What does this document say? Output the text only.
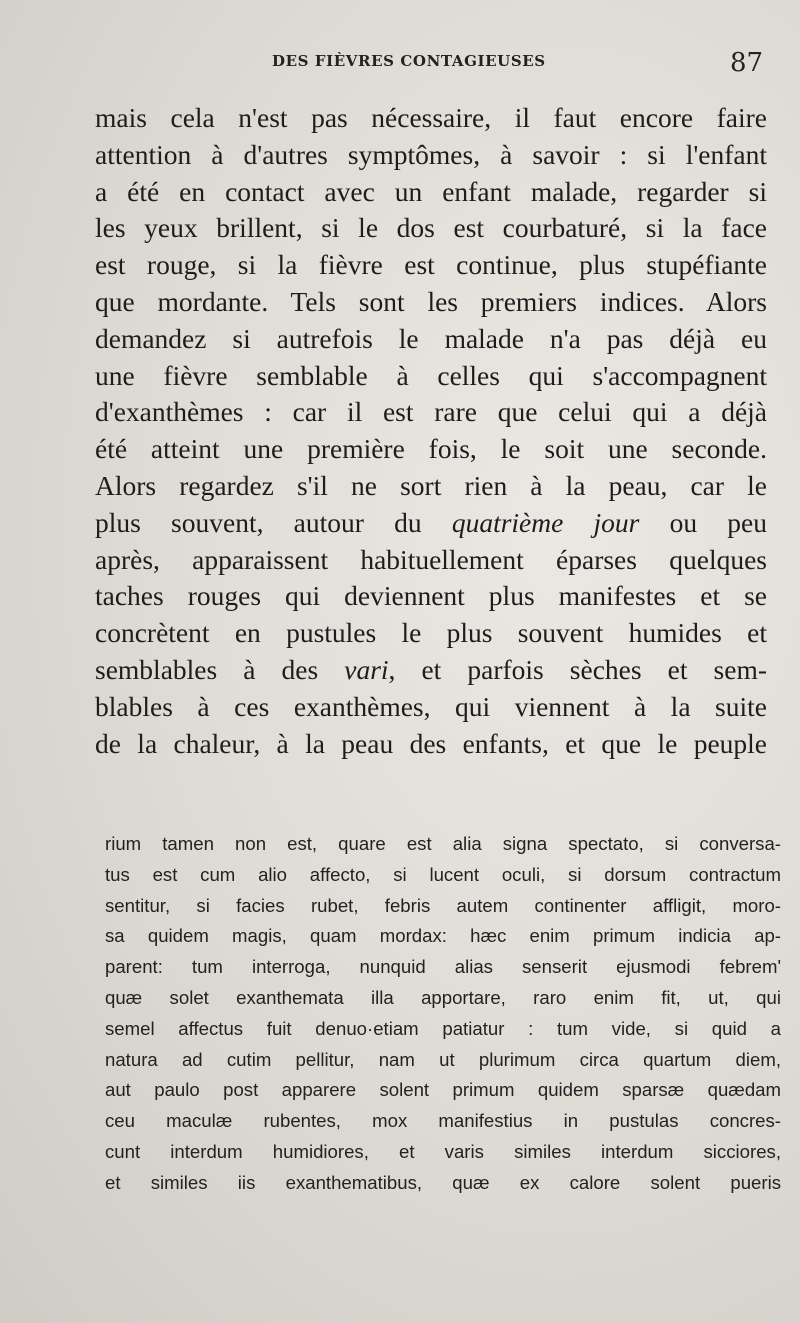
DES FIÈVRES CONTAGIEUSES	87
mais cela n'est pas nécessaire, il faut encore faire
attention à d'autres symptômes, à savoir : si l'enfant
a été en contact avec un enfant malade, regarder si
les yeux brillent, si le dos est courbaturé, si la face
est rouge, si la fièvre est continue, plus stupéfiante
que mordante. Tels sont les premiers indices. Alors
demandez si autrefois le malade n'a pas déjà eu
une fièvre semblable à celles qui s'accompagnent
d'exanthèmes : car il est rare que celui qui a déjà
été atteint une première fois, le soit une seconde.
Alors regardez s'il ne sort rien à la peau, car le
plus souvent, autour du quatrième jour ou peu
après, apparaissent habituellement éparses quelques
taches rouges qui deviennent plus manifestes et se
concrètent en pustules le plus souvent humides et
semblables à des vari, et parfois sèches et sem-
blables à ces exanthèmes, qui viennent à la suite
de la chaleur, à la peau des enfants, et que le peuple
rium tamen non est, quare est alia signa spectato, si conversa-
tus est cum alio affecto, si lucent oculi, si dorsum contractum
sentitur, si facies rubet, febris autem continenter affligit, moro-
sa quidem magis, quam mordax: hæc enim primum indicia ap-
parent: tum interroga, nunquid alias senserit ejusmodi febrem'
quæ solet exanthemata illa apportare, raro enim fit, ut, qui
semel affectus fuit denuo·etiam patiatur : tum vide, si quid a
natura ad cutim pellitur, nam ut plurimum circa quartum diem,
aut paulo post apparere solent primum quidem sparsæ quædam
ceu maculæ rubentes, mox manifestius in pustulas concres-
cunt interdum humidiores, et varis similes interdum sicciores,
et similes iis exanthematibus, quæ ex calore solent pueris
